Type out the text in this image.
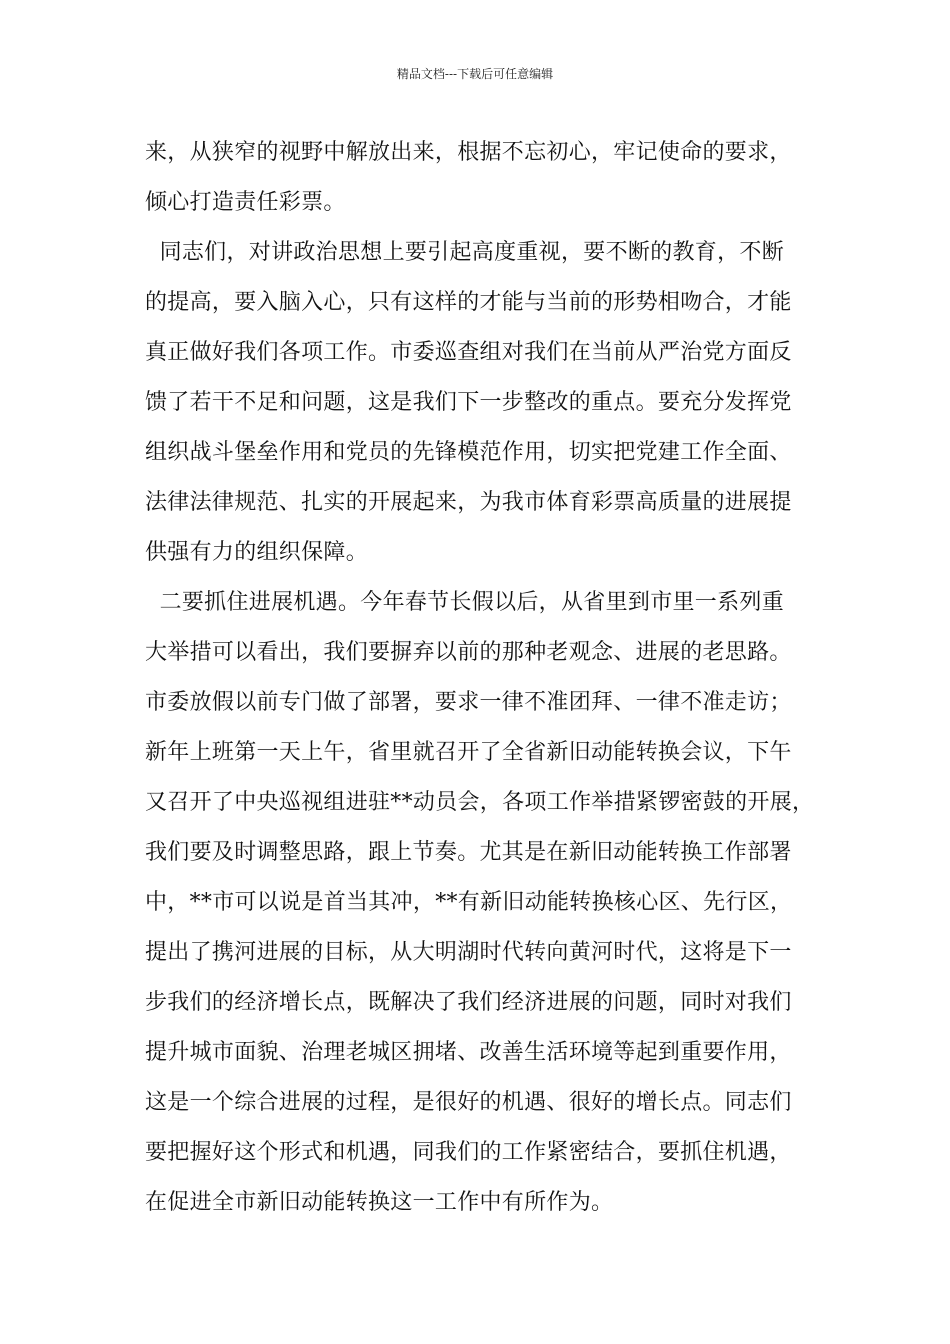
精品文档---下载后可任意编辑
来，从狭窄的视野中解放出来，根据不忘初心，牢记使命的要求，
倾心打造责任彩票。
同志们，对讲政治思想上要引起高度重视，要不断的教育，不断
的提高，要入脑入心，只有这样的才能与当前的形势相吻合，才能
真正做好我们各项工作。市委巡查组对我们在当前从严治党方面反
馈了若干不足和问题，这是我们下一步整改的重点。要充分发挥党
组织战斗堡垒作用和党员的先锋模范作用，切实把党建工作全面、
法律法律规范、扎实的开展起来，为我市体育彩票高质量的进展提
供强有力的组织保障。
二要抓住进展机遇。今年春节长假以后，从省里到市里一系列重
大举措可以看出，我们要摒弃以前的那种老观念、进展的老思路。
市委放假以前专门做了部署，要求一律不准团拜、一律不准走访；
新年上班第一天上午，省里就召开了全省新旧动能转换会议，下午
又召开了中央巡视组进驻**动员会，各项工作举措紧锣密鼓的开展，
我们要及时调整思路，跟上节奏。尤其是在新旧动能转换工作部署
中，**市可以说是首当其冲，**有新旧动能转换核心区、先行区，
提出了携河进展的目标，从大明湖时代转向黄河时代，这将是下一
步我们的经济增长点，既解决了我们经济进展的问题，同时对我们
提升城市面貌、治理老城区拥堵、改善生活环境等起到重要作用，
这是一个综合进展的过程，是很好的机遇、很好的增长点。同志们
要把握好这个形式和机遇，同我们的工作紧密结合，要抓住机遇，
在促进全市新旧动能转换这一工作中有所作为。
